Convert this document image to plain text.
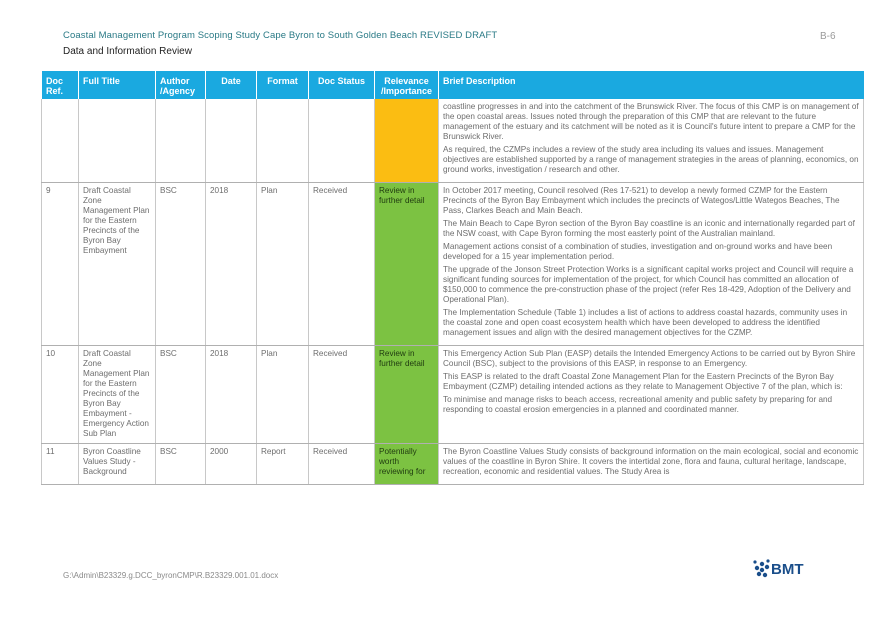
Coastal Management Program Scoping Study Cape Byron to South Golden Beach REVISED DRAFT	B-6
Data and Information Review
Doc Ref.	Full Title	Author /Agency	Date	Format	Doc Status	Relevance /Importance	Brief Description

							coastline progresses in and into the catchment of the Brunswick River. The focus of this CMP is on management of the open coastal areas. Issues noted through the preparation of this CMP that are relevant to the future management of the estuary and its catchment will be noted as it is Council's future intent to prepare a CMP for the Brunswick River.

As required, the CZMPs includes a review of the study area including its values and issues. Management objectives are established supported by a range of management strategies in the areas of planning, economics, on ground works, investigation / research and other.

9	Draft Coastal Zone Management Plan for the Eastern Precincts of the Byron Bay Embayment	BSC	2018	Plan	Received	Review in further detail	In October 2017 meeting, Council resolved (Res 17-521) to develop a newly formed CZMP for the Eastern Precincts of the Byron Bay Embayment which includes the precincts of Wategos/Little Wategos Beaches, The Pass, Clarkes Beach and Main Beach.

The Main Beach to Cape Byron section of the Byron Bay coastline is an iconic and internationally regarded part of the NSW coast, with Cape Byron forming the most easterly point of the Australian mainland.

Management actions consist of a combination of studies, investigation and on-ground works and have been developed for a 15 year implementation period.

The upgrade of the Jonson Street Protection Works is a significant capital works project and Council will require a significant funding sources for implementation of the project, for which Council has committed an allocation of $150,000 to commence the pre-construction phase of the project (refer Res 18-429, Adoption of the Delivery and Operational Plan).

The Implementation Schedule (Table 1) includes a list of actions to address coastal hazards, community uses in the coastal zone and open coast ecosystem health which have been developed to address the identified management issues and align with the desired management objectives for the CZMP.

10	Draft Coastal Zone Management Plan for the Eastern Precincts of the Byron Bay Embayment - Emergency Action Sub Plan	BSC	2018	Plan	Received	Review in further detail	This Emergency Action Sub Plan (EASP) details the Intended Emergency Actions to be carried out by Byron Shire Council (BSC), subject to the provisions of this EASP, in response to an Emergency.

This EASP is related to the draft Coastal Zone Management Plan for the Eastern Precincts of the Byron Bay Embayment (CZMP) detailing intended actions as they relate to Management Objective 7 of the plan, which is:

To minimise and manage risks to beach access, recreational amenity and public safety by preparing for and responding to coastal erosion emergencies in a planned and coordinated manner.

11	Byron Coastline Values Study - Background	BSC	2000	Report	Received	Potentially worth reviewing for	The Byron Coastline Values Study consists of background information on the main ecological, social and economic values of the coastline in Byron Shire. It covers the intertidal zone, flora and fauna, cultural heritage, landscape, recreation, economic and residential values. The Study Area is

G:\Admin\B23329.g.DCC_byronCMP\R.B23329.001.01.docx	BMT
